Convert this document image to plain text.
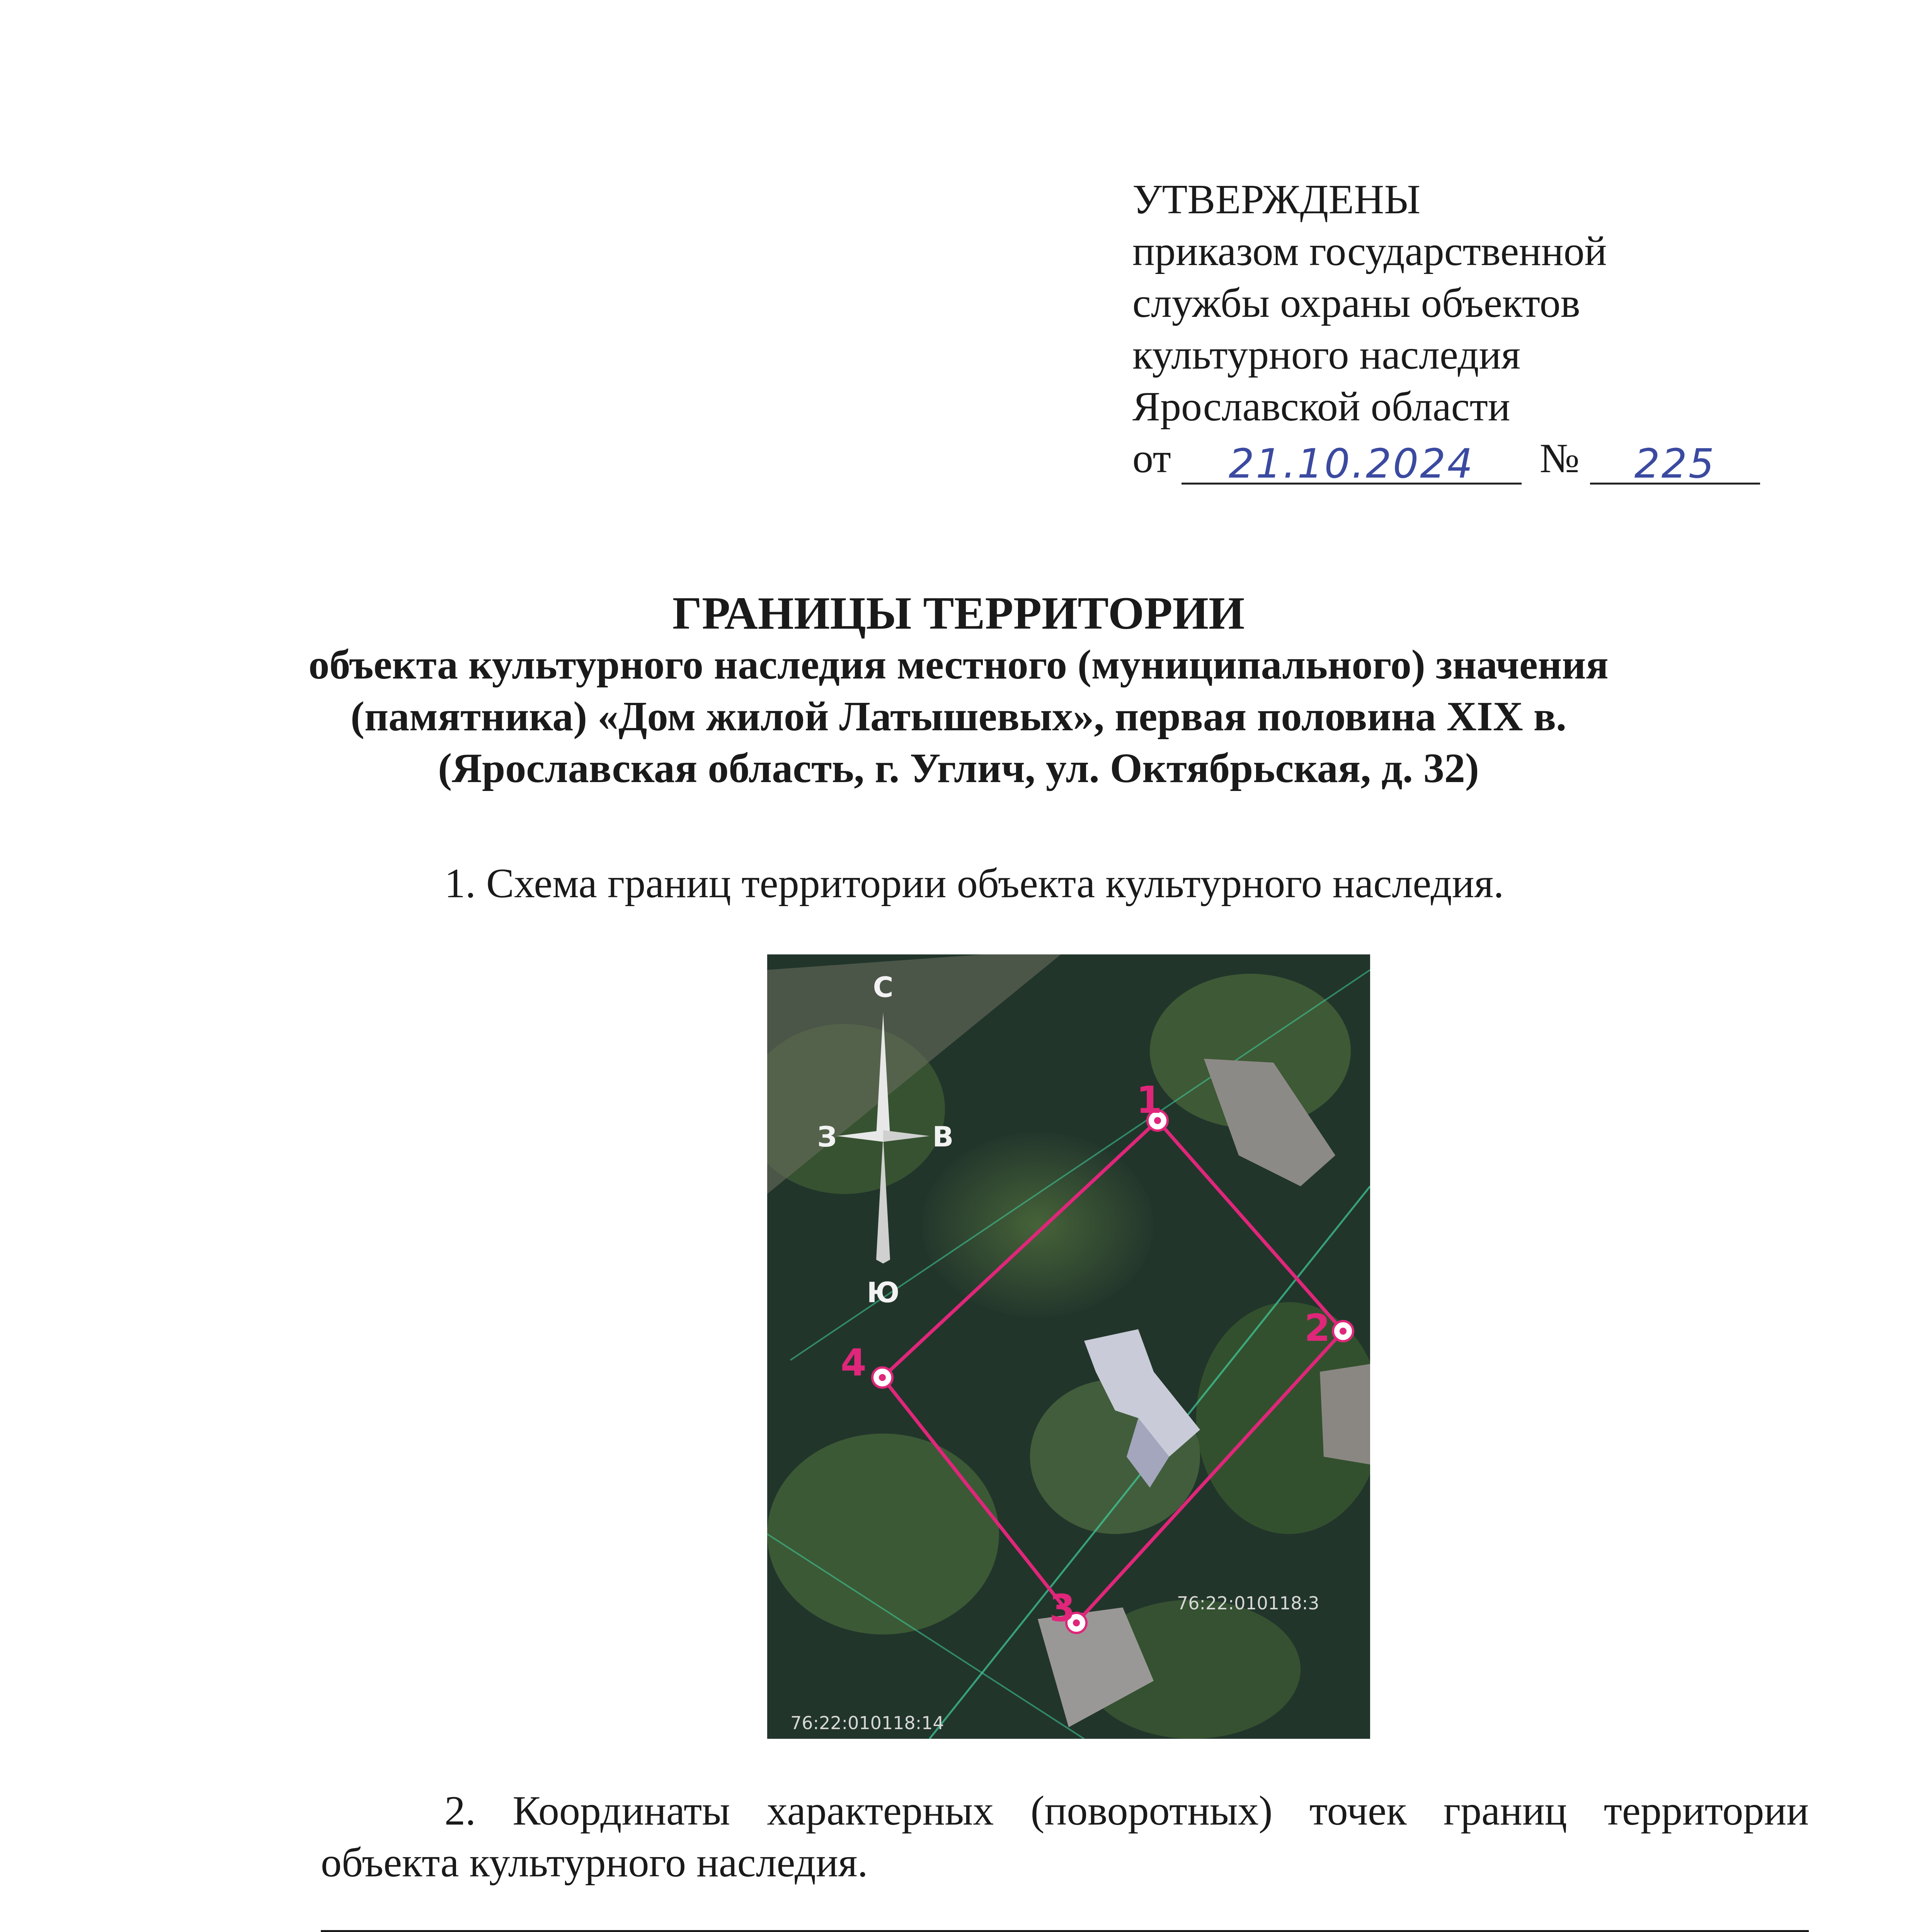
УТВЕРЖДЕНЫ
приказом государственной
службы охраны объектов
культурного наследия
Ярославской области
от 21.10.2024 № 225
ГРАНИЦЫ ТЕРРИТОРИИ
объекта культурного наследия местного (муниципального) значения
(памятника) «Дом жилой Латышевых», первая половина XIX в.
(Ярославская область, г. Углич, ул. Октябрьская, д. 32)
1. Схема границ территории объекта культурного наследия.
С
Ю
З	В
1
2
3
4
76:22:010118:3
76:22:010118:14
2. Координаты характерных (поворотных) точек границ территории
объекта культурного наследия.
